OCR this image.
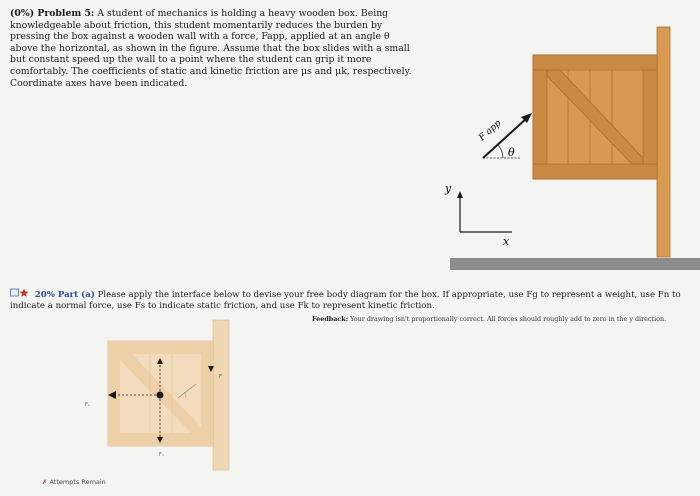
(0%) Problem 5: A student of mechanics is holding a heavy wooden box. Being knowledgeable about friction, this student momentarily reduces the burden by pressing the box against a wooden wall with a force, Fapp, applied at an angle θ above the horizontal, as shown in the figure. Assume that the box slides with a small but constant speed up the wall to a point where the student can grip it more comfortably. The coefficients of static and kinetic friction are μs and μk, respectively. Coordinate axes have been indicated.
F app
θ
y
x
20% Part (a) Please apply the interface below to devise your free body diagram for the box. If appropriate, use Fg to represent a weight, use Fn to indicate a normal force, use Fs to indicate static friction, and use Fk to represent kinetic friction.
Feedback: Your drawing isn't proportionally correct. All forces should roughly add to zero in the y direction.
Fₛ
Fₙ
F
✗ Attempts Remain
